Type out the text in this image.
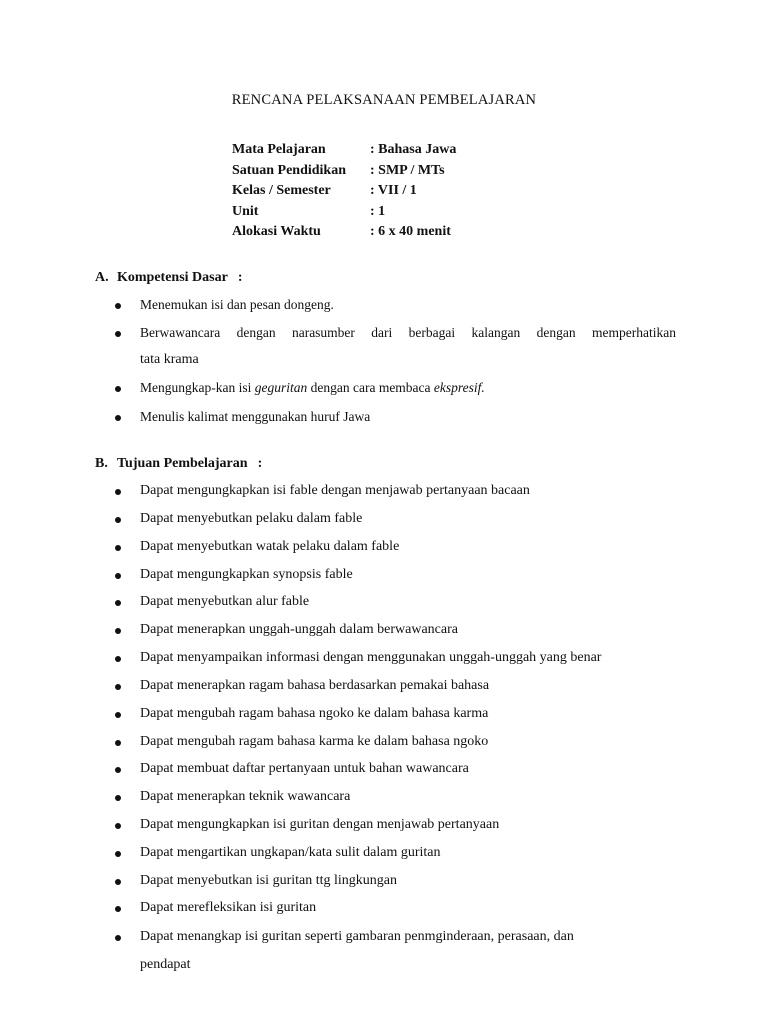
RENCANA PELAKSANAAN PEMBELAJARAN
Mata Pelajaran	: Bahasa Jawa
Satuan Pendidikan : SMP / MTs
Kelas / Semester	: VII / 1
Unit	: 1
Alokasi Waktu	: 6 x 40 menit
A. Kompetensi Dasar :
Menemukan isi dan pesan dongeng.
Berwawancara dengan narasumber dari berbagai kalangan dengan memperhatikan
tata krama
Mengungkap-kan isi geguritan dengan cara membaca ekspresif.
Menulis kalimat menggunakan huruf Jawa
B. Tujuan Pembelajaran :
Dapat mengungkapkan isi fable dengan menjawab pertanyaan bacaan
Dapat menyebutkan pelaku dalam fable
Dapat menyebutkan watak pelaku dalam fable
Dapat mengungkapkan synopsis fable
Dapat menyebutkan alur fable
Dapat menerapkan unggah-unggah dalam berwawancara
Dapat menyampaikan informasi dengan menggunakan unggah-unggah yang benar
Dapat menerapkan ragam bahasa berdasarkan pemakai bahasa
Dapat mengubah ragam bahasa ngoko ke dalam bahasa karma
Dapat mengubah ragam bahasa karma ke dalam bahasa ngoko
Dapat membuat daftar pertanyaan untuk bahan wawancara
Dapat menerapkan teknik wawancara
Dapat mengungkapkan isi guritan dengan menjawab pertanyaan
Dapat mengartikan ungkapan/kata sulit dalam guritan
Dapat menyebutkan isi guritan ttg lingkungan
Dapat merefleksikan isi guritan
Dapat menangkap isi guritan seperti gambaran penmginderaan, perasaan, dan
pendapat
